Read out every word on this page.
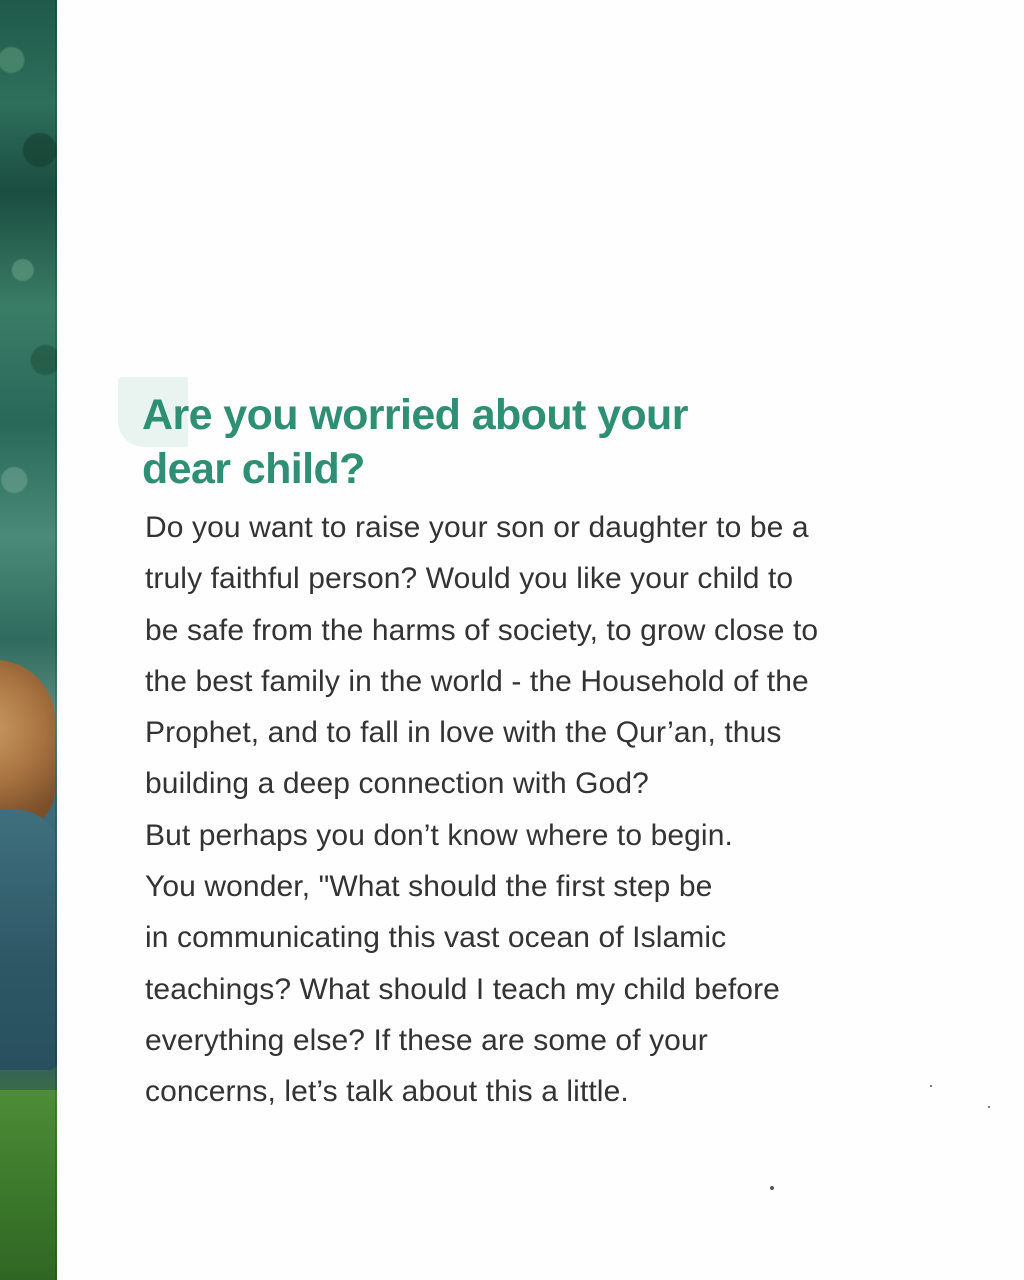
Are you worried about your
dear child?

Do you want to raise your son or daughter to be a
truly faithful person? Would you like your child to
be safe from the harms of society, to grow close to
the best family in the world - the Household of the
Prophet, and to fall in love with the Qur’an, thus
building a deep connection with God?
But perhaps you don’t know where to begin.
You wonder, "What should the first step be
in communicating this vast ocean of Islamic
teachings? What should I teach my child before
everything else? If these are some of your
concerns, let’s talk about this a little.
